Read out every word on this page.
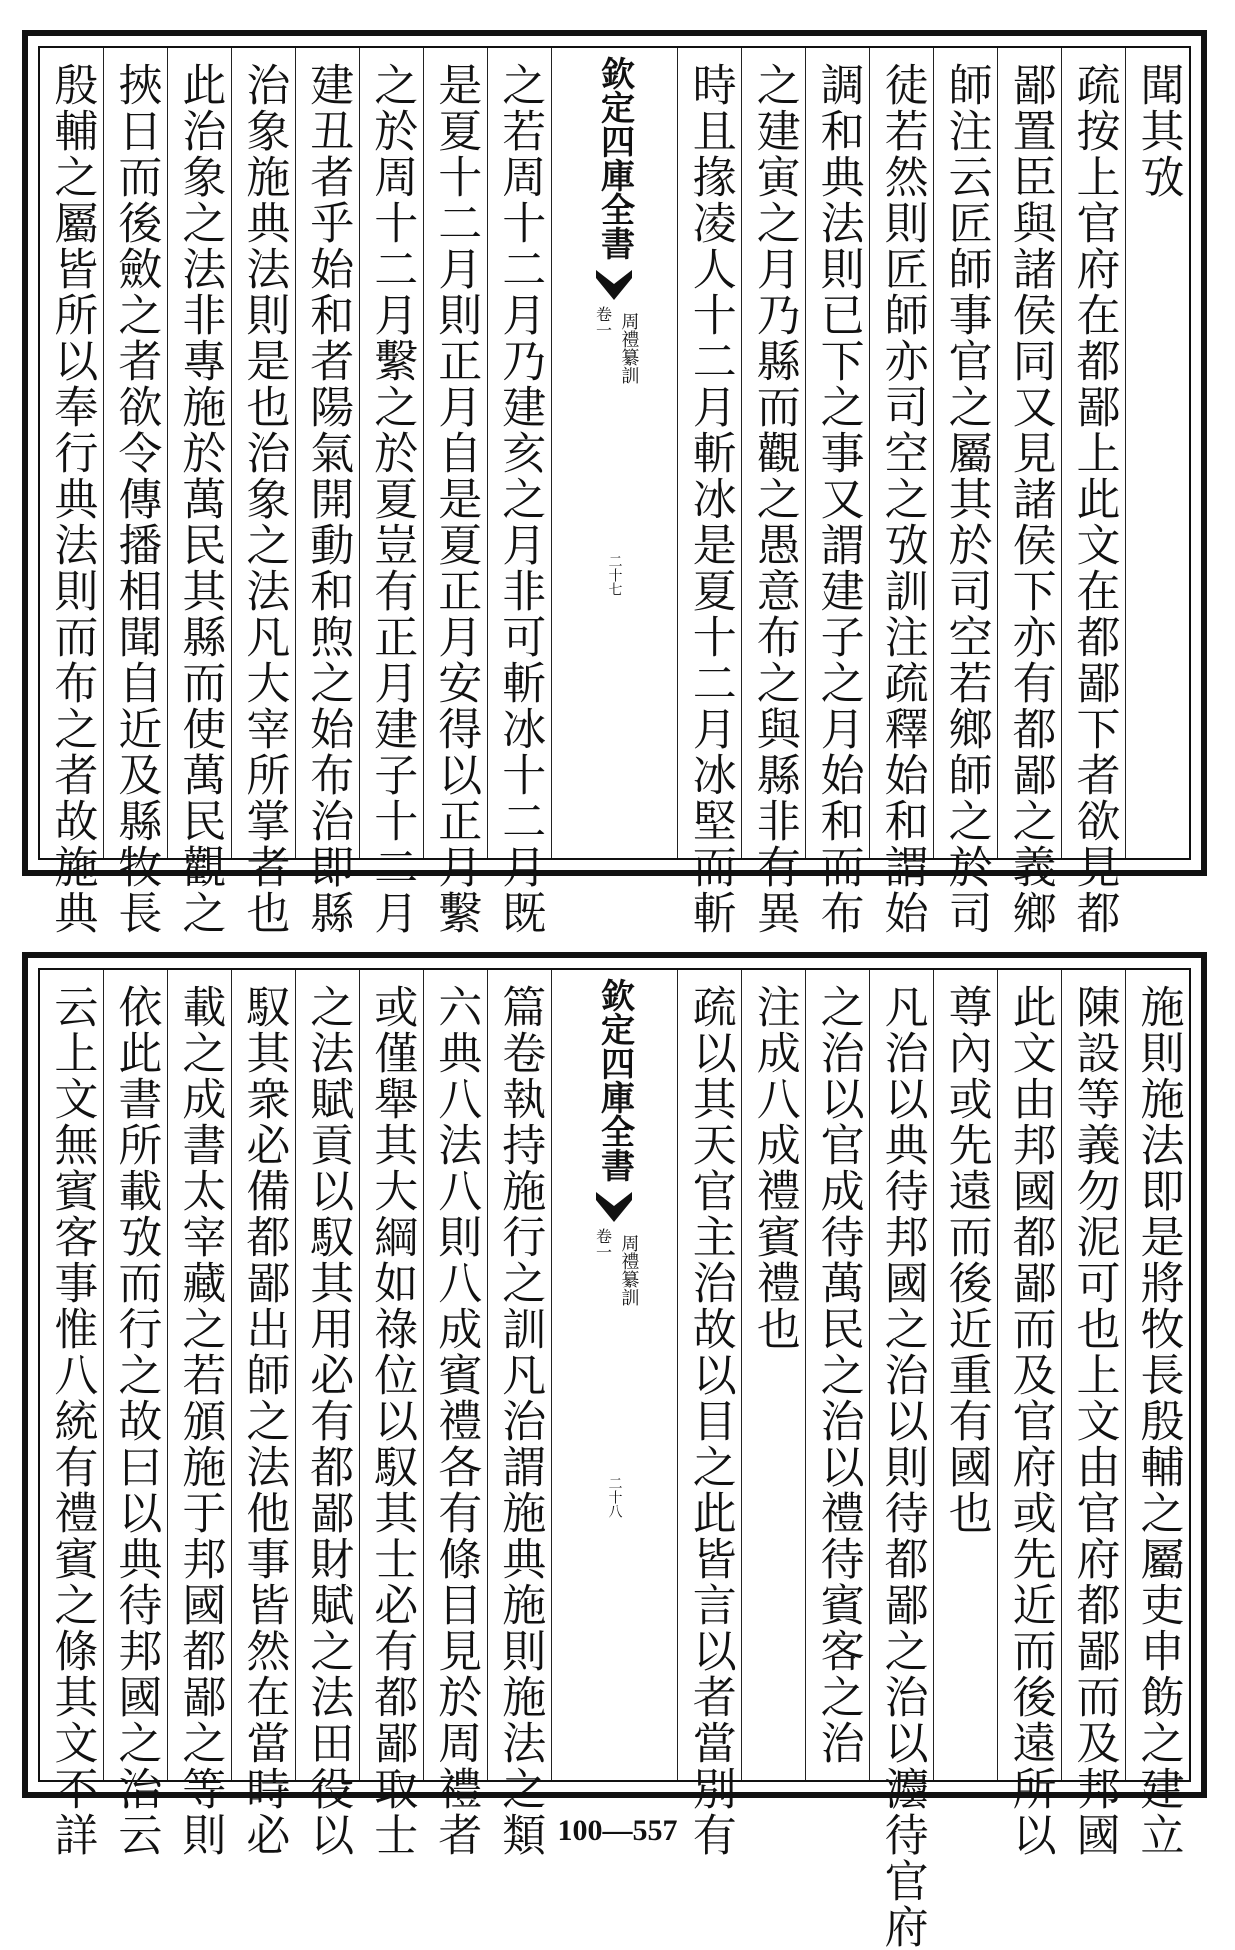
聞其攷
疏按上官府在都鄙上此文在都鄙下者欲見都
鄙置臣與諸侯同又見諸侯下亦有都鄙之義鄉
師注云匠師事官之屬其於司空若鄉師之於司
徒若然則匠師亦司空之攷訓注疏釋始和謂始
調和典法則已下之事又謂建子之月始和而布
之建寅之月乃縣而觀之愚意布之與縣非有異
時且掾凌人十二月斬冰是夏十二月冰堅而斬
欽定四庫全書
周禮纂訓
卷一
二十七
之若周十二月乃建亥之月非可斬冰十二月既
是夏十二月則正月自是夏正月安得以正月繫
之於周十二月繫之於夏豈有正月建子十二月
建丑者乎始和者陽氣開動和煦之始布治即縣
治象施典法則是也治象之法凡大宰所掌者也
此治象之法非專施於萬民其縣而使萬民觀之
挾日而後斂之者欲令傳播相聞自近及縣牧長
殷輔之屬皆所以奉行典法則而布之者故施典
施則施法即是將牧長殷輔之屬吏申飭之建立
陳設等義勿泥可也上文由官府都鄙而及邦國
此文由邦國都鄙而及官府或先近而後遠所以
尊內或先遠而後近重有國也
凡治以典待邦國之治以則待都鄙之治以灋待官府
之治以官成待萬民之治以禮待賓客之治
注成八成禮賓禮也
疏以其天官主治故以目之此皆言以者當別有
欽定四庫全書
周禮纂訓
卷一
二十八
篇卷執持施行之訓凡治謂施典施則施法之類
六典八法八則八成賓禮各有條目見於周禮者
或僅舉其大綱如祿位以馭其士必有都鄙取士
之法賦貢以馭其用必有都鄙財賦之法田役以
馭其衆必備都鄙出師之法他事皆然在當時必
載之成書太宰藏之若頒施于邦國都鄙之等則
依此書所載攷而行之故曰以典待邦國之治云
云上文無賓客事惟八統有禮賓之條其文不詳	100—557
